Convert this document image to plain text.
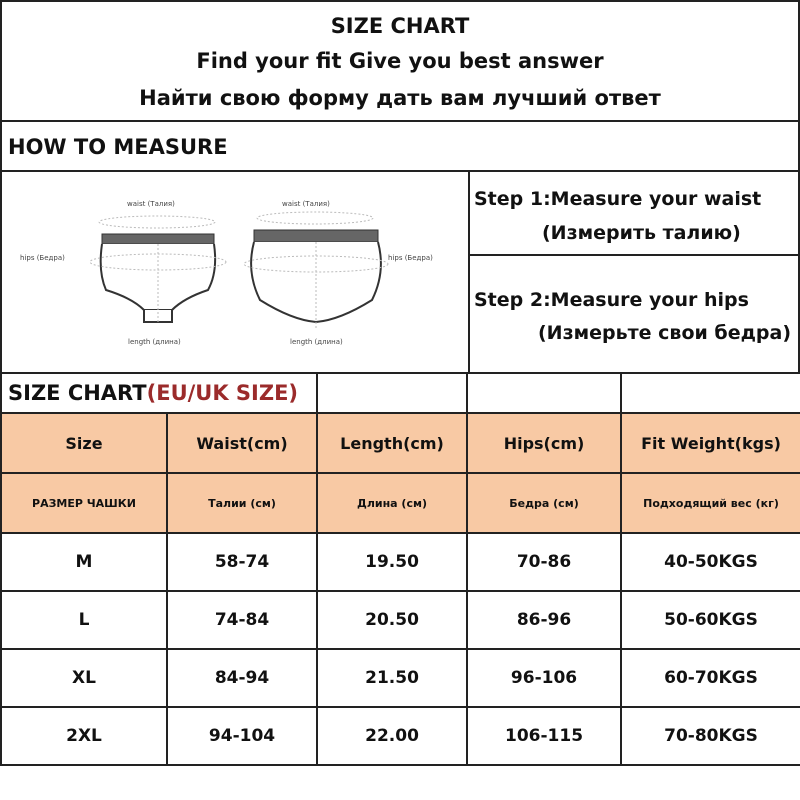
SIZE CHART
Find your fit Give you best answer
Найти свою форму дать вам лучший ответ
HOW TO MEASURE
waist (Талия)
hips (Бедра)
length (длина)
waist (Талия)
hips (Бедра)
length (длина)
Step 1:Measure your waist
(Измерить талию)
Step 2:Measure your hips
(Измерьте свои бедра)
SIZE CHART(EU/UK SIZE)				
Size	Waist(cm)	Length(cm)	Hips(cm)	Fit Weight(kgs)
РАЗМЕР ЧАШКИ	Талии (см)	Длина (см)	Бедра (см)	Подходящий вес (кг)
M	58-74	19.50	70-86	40-50KGS
L	74-84	20.50	86-96	50-60KGS
XL	84-94	21.50	96-106	60-70KGS
2XL	94-104	22.00	106-115	70-80KGS
